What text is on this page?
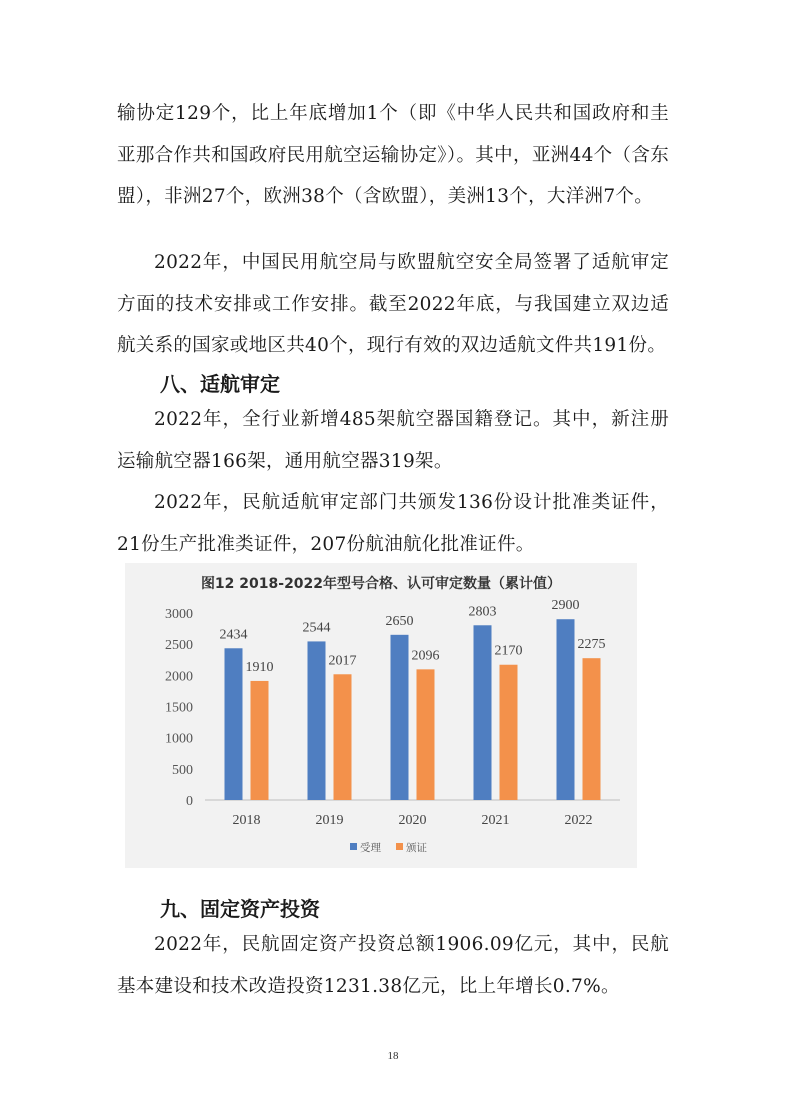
输协定129个，比上年底增加1个（即《中华人民共和国政府和圭亚那合作共和国政府民用航空运输协定》）。其中，亚洲44个（含东盟），非洲27个，欧洲38个（含欧盟），美洲13个，大洋洲7个。

2022年，中国民用航空局与欧盟航空安全局签署了适航审定方面的技术安排或工作安排。截至2022年底，与我国建立双边适航关系的国家或地区共40个，现行有效的双边适航文件共191份。

八、适航审定

2022年，全行业新增485架航空器国籍登记。其中，新注册运输航空器166架，通用航空器319架。

2022年，民航适航审定部门共颁发136份设计批准类证件，21份生产批准类证件，207份航油航化批准证件。

图12 2018-2022年型号合格、认可审定数量（累计值）
0
500
1000
1500
2000
2500
3000
2434
1910
2018
2544
2017
2019
2650
2096
2020
2803
2170
2021
2900
2275
2022
受理 颁证
九、固定资产投资

2022年，民航固定资产投资总额1906.09亿元，其中，民航基本建设和技术改造投资1231.38亿元，比上年增长0.7%。

18
